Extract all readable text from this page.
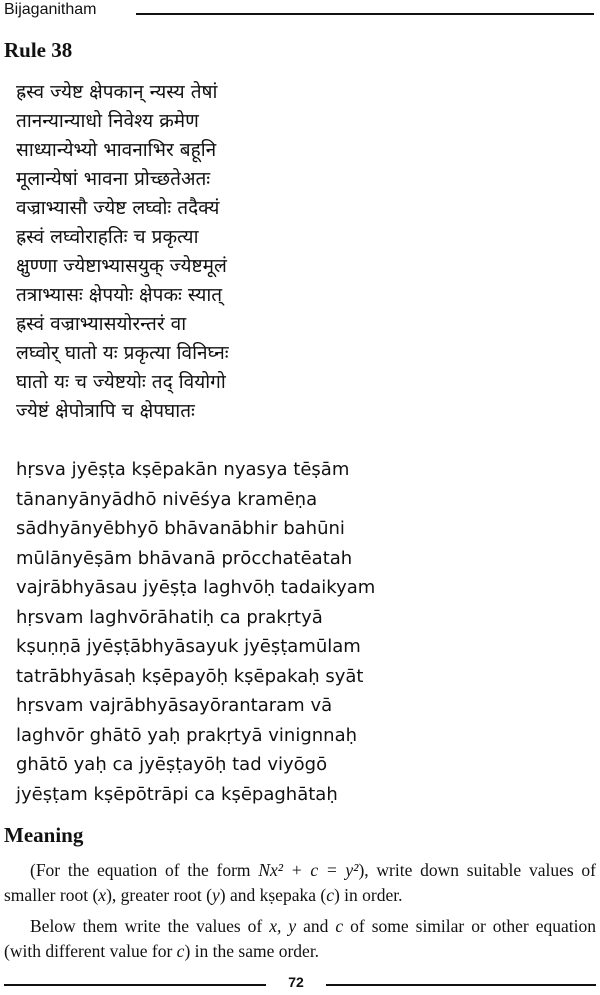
Bijaganitham
Rule 38
ह्रस्व ज्येष्ट क्षेपकान् न्यस्य तेषां
तानन्यान्याधो निवेश्य क्रमेण
साध्यान्येभ्यो भावनाभिर बहूनि
मूलान्येषां भावना प्रोच्छतेअतः
वज्राभ्यासौ ज्येष्ट लघ्वोः तदैक्यं
ह्रस्वं लघ्वोराहतिः च प्रकृत्या
क्षुण्णा ज्येष्टाभ्यासयुक् ज्येष्टमूलं
तत्राभ्यासः क्षेपयोः क्षेपकः स्यात्
ह्रस्वं वज्राभ्यासयोरन्तरं वा
लघ्वोर् घातो यः प्रकृत्या विनिघ्नः
घातो यः च ज्येष्टयोः तद् वियोगो
ज्येष्टं क्षेपोत्रापि च क्षेपघातः
hṛsva jyēṣṭa kṣēpakān nyasya tēṣām
tānanyānyādhō nivēśya kramēṇa
sādhyānyēbhyō bhāvanābhir bahūni
mūlānyēṣām bhāvanā prōcchatēatah
vajrābhyāsau jyēṣṭa laghvōḥ tadaikyam
hṛsvam laghvōrāhatiḥ ca prakṛtyā
kṣuṇṇā jyēṣṭābhyāsayuk jyēṣṭamūlam
tatrābhyāsaḥ kṣēpayōḥ kṣēpakaḥ syāt
hṛsvam vajrābhyāsayōrantaram vā
laghvōr ghātō yaḥ prakṛtyā vinignnaḥ
ghātō yaḥ ca jyēṣṭayōḥ tad viyōgō
jyēṣṭam kṣēpōtrāpi ca kṣēpaghātaḥ
Meaning

(For the equation of the form Nx² + c = y²), write down suitable values of smaller root (x), greater root (y) and kṣepaka (c) in order.

Below them write the values of x, y and c of some similar or other equation (with different value for c) in the same order.

72
